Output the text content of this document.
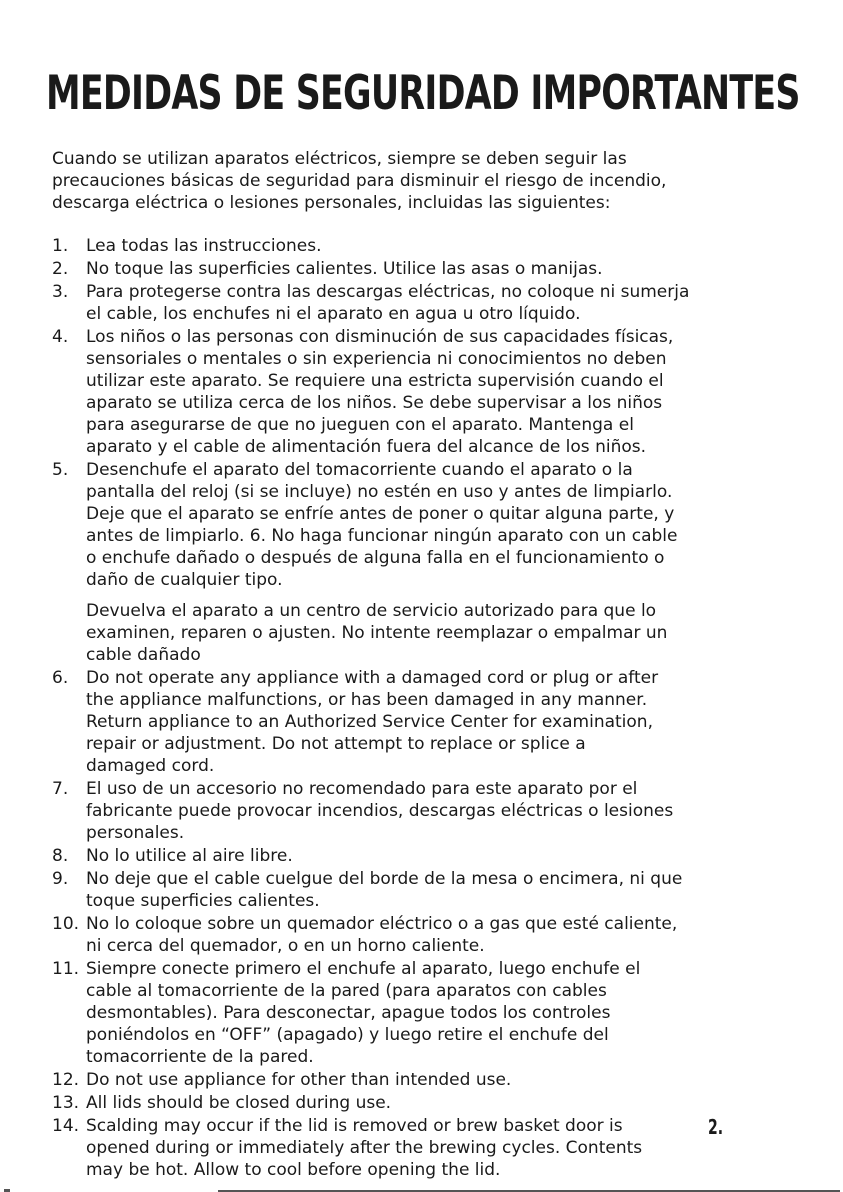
MEDIDAS DE SEGURIDAD IMPORTANTES

Cuando se utilizan aparatos eléctricos, siempre se deben seguir las
precauciones básicas de seguridad para disminuir el riesgo de incendio,
descarga eléctrica o lesiones personales, incluidas las siguientes:

1. Lea todas las instrucciones.
2. No toque las superficies calientes. Utilice las asas o manijas.
3. Para protegerse contra las descargas eléctricas, no coloque ni sumerja
el cable, los enchufes ni el aparato en agua u otro líquido.
4. Los niños o las personas con disminución de sus capacidades físicas,
sensoriales o mentales o sin experiencia ni conocimientos no deben
utilizar este aparato. Se requiere una estricta supervisión cuando el
aparato se utiliza cerca de los niños. Se debe supervisar a los niños
para asegurarse de que no jueguen con el aparato. Mantenga el
aparato y el cable de alimentación fuera del alcance de los niños.
5. Desenchufe el aparato del tomacorriente cuando el aparato o la
pantalla del reloj (si se incluye) no estén en uso y antes de limpiarlo.
Deje que el aparato se enfríe antes de poner o quitar alguna parte, y
antes de limpiarlo. 6. No haga funcionar ningún aparato con un cable
o enchufe dañado o después de alguna falla en el funcionamiento o
daño de cualquier tipo.
Devuelva el aparato a un centro de servicio autorizado para que lo
examinen, reparen o ajusten. No intente reemplazar o empalmar un
cable dañado
6. Do not operate any appliance with a damaged cord or plug or after
the appliance malfunctions, or has been damaged in any manner.
Return appliance to an Authorized Service Center for examination,
repair or adjustment. Do not attempt to replace or splice a
damaged cord.
7. El uso de un accesorio no recomendado para este aparato por el
fabricante puede provocar incendios, descargas eléctricas o lesiones
personales.
8. No lo utilice al aire libre.
9. No deje que el cable cuelgue del borde de la mesa o encimera, ni que
toque superficies calientes.
10. No lo coloque sobre un quemador eléctrico o a gas que esté caliente,
ni cerca del quemador, o en un horno caliente.
11. Siempre conecte primero el enchufe al aparato, luego enchufe el
cable al tomacorriente de la pared (para aparatos con cables
desmontables). Para desconectar, apague todos los controles
poniéndolos en “OFF” (apagado) y luego retire el enchufe del
tomacorriente de la pared.
12. Do not use appliance for other than intended use.
13. All lids should be closed during use.
14. Scalding may occur if the lid is removed or brew basket door is
opened during or immediately after the brewing cycles. Contents
may be hot. Allow to cool before opening the lid.
2.
